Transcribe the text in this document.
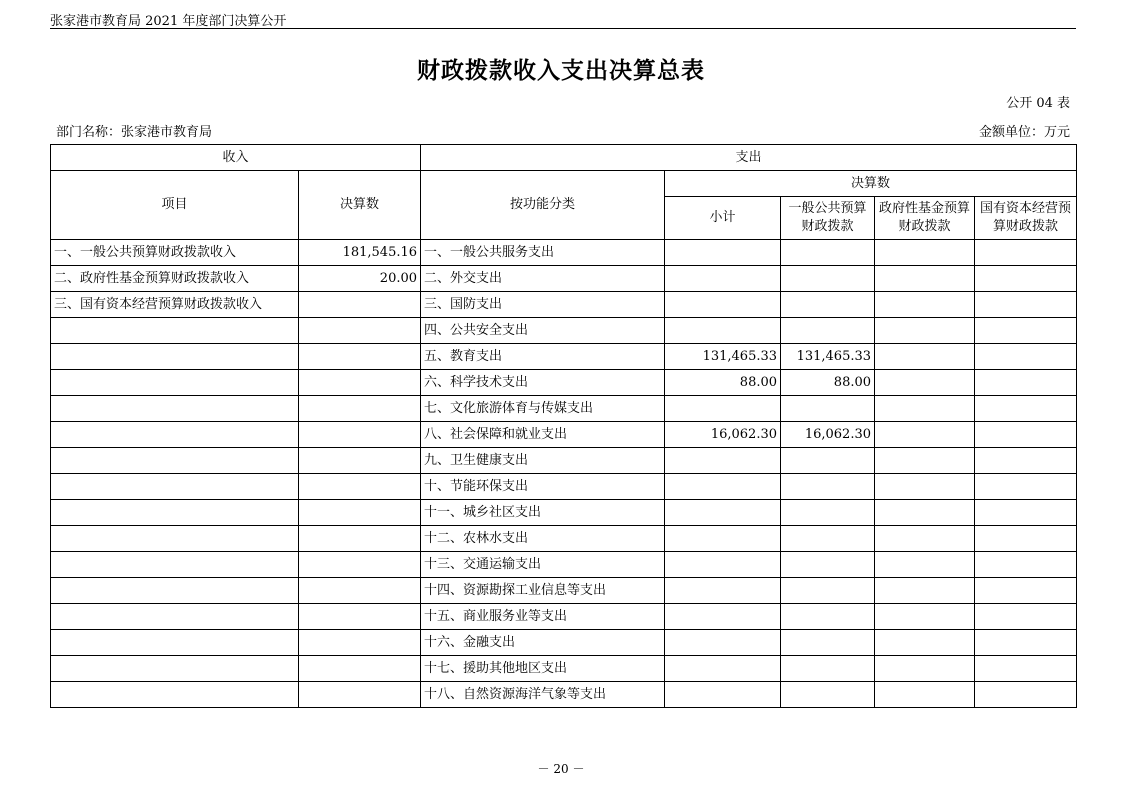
张家港市教育局 2021 年度部门决算公开
财政拨款收入支出决算总表
公开 04 表
部门名称：张家港市教育局	金额单位：万元
收入		支出				
项目	决算数	按功能分类	决算数			
			小计	一般公共预算财政拨款	政府性基金预算财政拨款	国有资本经营预算财政拨款
一、一般公共预算财政拨款收入	181,545.16	一、一般公共服务支出				
二、政府性基金预算财政拨款收入	20.00	二、外交支出				
三、国有资本经营预算财政拨款收入		三、国防支出				
		四、公共安全支出				
		五、教育支出	131,465.33	131,465.33		
		六、科学技术支出	88.00	88.00		
		七、文化旅游体育与传媒支出				
		八、社会保障和就业支出	16,062.30	16,062.30		
		九、卫生健康支出				
		十、节能环保支出				
		十一、城乡社区支出				
		十二、农林水支出				
		十三、交通运输支出				
		十四、资源勘探工业信息等支出				
		十五、商业服务业等支出				
		十六、金融支出				
		十七、援助其他地区支出				
		十八、自然资源海洋气象等支出				
－ 20 －
